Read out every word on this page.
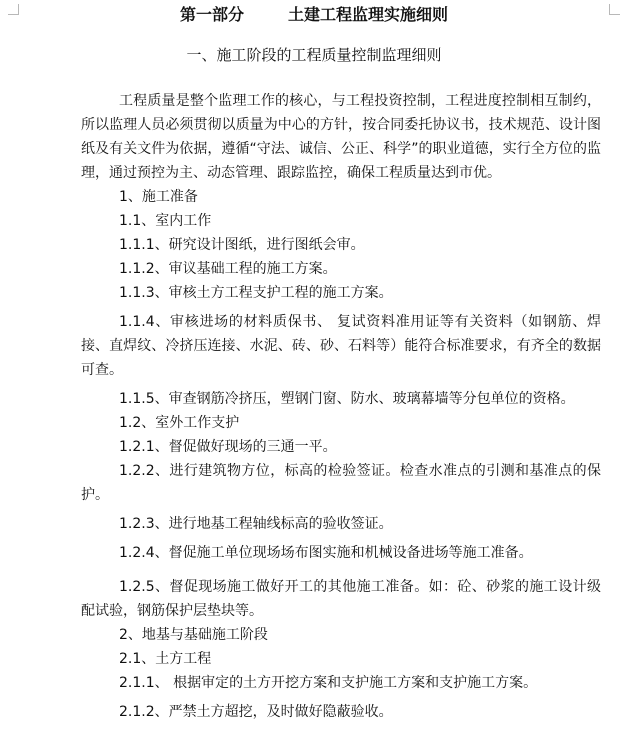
第一部分	土建工程监理实施细则
一、施工阶段的工程质量控制监理细则

工程质量是整个监理工作的核心，与工程投资控制，工程进度控制相互制约，所以监理人员必须贯彻以质量为中心的方针，按合同委托协议书，技术规范、设计图纸及有关文件为依据，遵循“守法、诚信、公正、科学”的职业道德，实行全方位的监理，通过预控为主、动态管理、跟踪监控，确保工程质量达到市优。

1、施工准备

1.1、室内工作

1.1.1、研究设计图纸，进行图纸会审。

1.1.2、审议基础工程的施工方案。

1.1.3、审核土方工程支护工程的施工方案。

1.1.4、审核进场的材料质保书、 复试资料准用证等有关资料（如钢筋、焊接、直焊纹、冷挤压连接、水泥、砖、砂、石料等）能符合标准要求，有齐全的数据可查。

1.1.5、审查钢筋冷挤压，塑钢门窗、防水、玻璃幕墙等分包单位的资格。

1.2、室外工作支护

1.2.1、督促做好现场的三通一平。

1.2.2、进行建筑物方位，标高的检验签证。检查水准点的引测和基准点的保护。

1.2.3、进行地基工程轴线标高的验收签证。

1.2.4、督促施工单位现场场布图实施和机械设备进场等施工准备。

1.2.5、督促现场施工做好开工的其他施工准备。如：砼、砂浆的施工设计级配试验，钢筋保护层垫块等。

2、地基与基础施工阶段

2.1、土方工程

2.1.1、 根据审定的土方开挖方案和支护施工方案和支护施工方案。

2.1.2、严禁土方超挖，及时做好隐蔽验收。
